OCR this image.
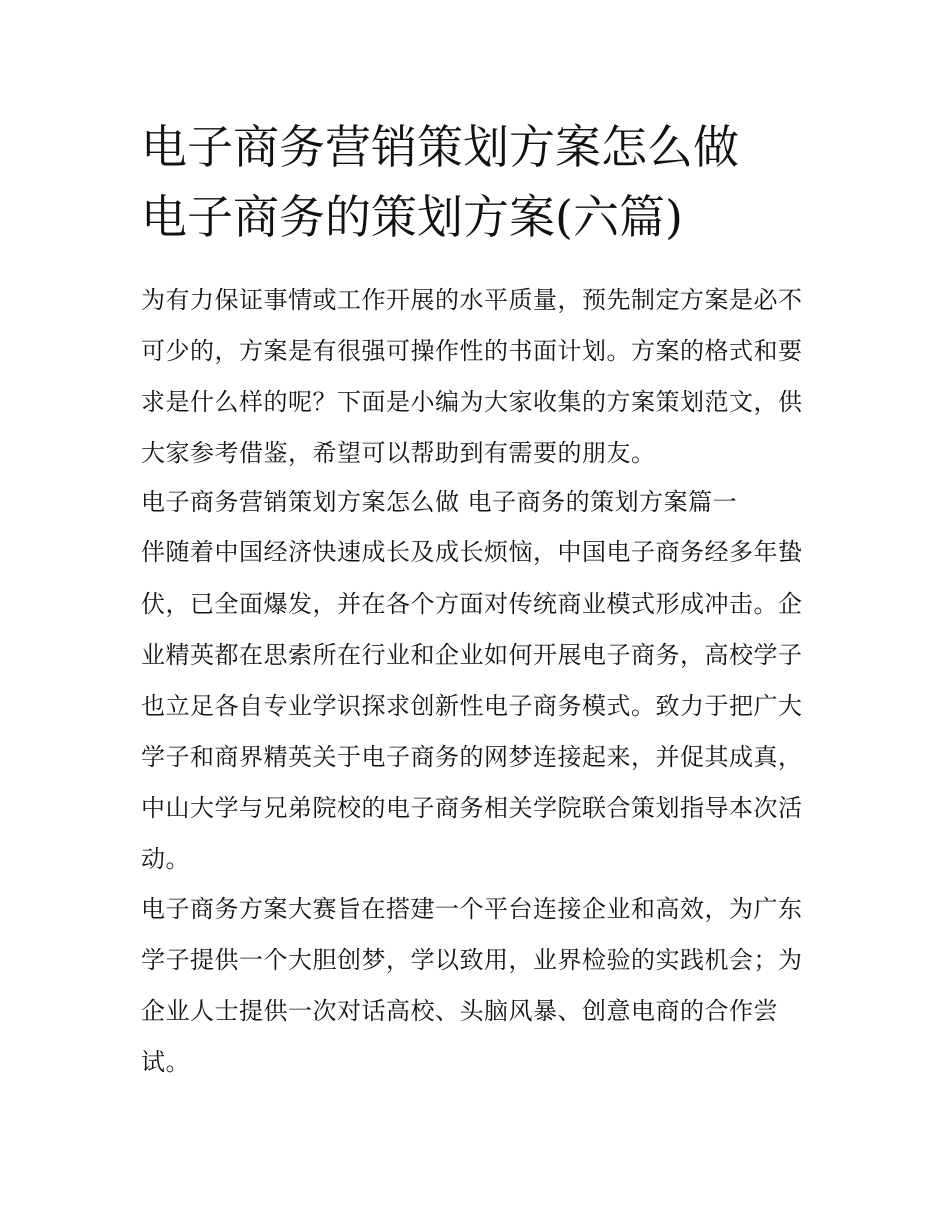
电子商务营销策划方案怎么做
电子商务的策划方案(六篇)

为有力保证事情或工作开展的水平质量，预先制定方案是必不

可少的，方案是有很强可操作性的书面计划。方案的格式和要

求是什么样的呢？下面是小编为大家收集的方案策划范文，供

大家参考借鉴，希望可以帮助到有需要的朋友。

电子商务营销策划方案怎么做 电子商务的策划方案篇一

伴随着中国经济快速成长及成长烦恼，中国电子商务经多年蛰

伏，已全面爆发，并在各个方面对传统商业模式形成冲击。企

业精英都在思索所在行业和企业如何开展电子商务，高校学子

也立足各自专业学识探求创新性电子商务模式。致力于把广大

学子和商界精英关于电子商务的网梦连接起来，并促其成真，

中山大学与兄弟院校的电子商务相关学院联合策划指导本次活

动。

电子商务方案大赛旨在搭建一个平台连接企业和高效，为广东

学子提供一个大胆创梦，学以致用，业界检验的实践机会；为

企业人士提供一次对话高校、头脑风暴、创意电商的合作尝

试。
